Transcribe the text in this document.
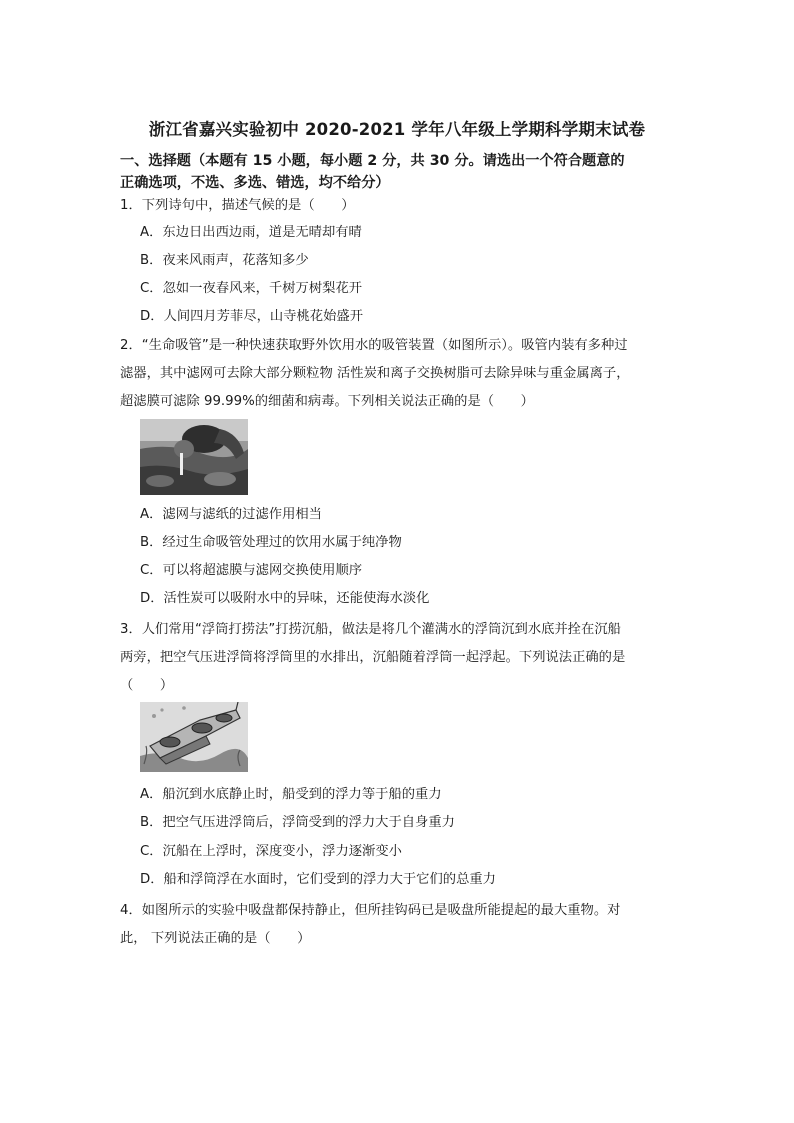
浙江省嘉兴实验初中 2020-2021 学年八年级上学期科学期末试卷
一、选择题（本题有 15 小题，每小题 2 分，共 30 分。请选出一个符合题意的
正确选项，不选、多选、错选，均不给分）
1．下列诗句中，描述气候的是（　　）
A．东边日出西边雨，道是无晴却有晴
B．夜来风雨声，花落知多少
C．忽如一夜春风来，千树万树梨花开
D．人间四月芳菲尽，山寺桃花始盛开
2．“生命吸管”是一种快速获取野外饮用水的吸管装置（如图所示）。吸管内装有多种过
滤器，其中滤网可去除大部分颗粒物 活性炭和离子交换树脂可去除异味与重金属离子，
超滤膜可滤除 99.99%的细菌和病毒。下列相关说法正确的是（　　）
A．滤网与滤纸的过滤作用相当
B．经过生命吸管处理过的饮用水属于纯净物
C．可以将超滤膜与滤网交换使用顺序
D．活性炭可以吸附水中的异味，还能使海水淡化
3．人们常用“浮筒打捞法”打捞沉船，做法是将几个灌满水的浮筒沉到水底并拴在沉船
两旁，把空气压进浮筒将浮筒里的水排出，沉船随着浮筒一起浮起。下列说法正确的是
（　　）
A．船沉到水底静止时，船受到的浮力等于船的重力
B．把空气压进浮筒后，浮筒受到的浮力大于自身重力
C．沉船在上浮时，深度变小，浮力逐渐变小
D．船和浮筒浮在水面时，它们受到的浮力大于它们的总重力
4．如图所示的实验中吸盘都保持静止，但所挂钩码已是吸盘所能提起的最大重物。对
此， 下列说法正确的是（　　）
